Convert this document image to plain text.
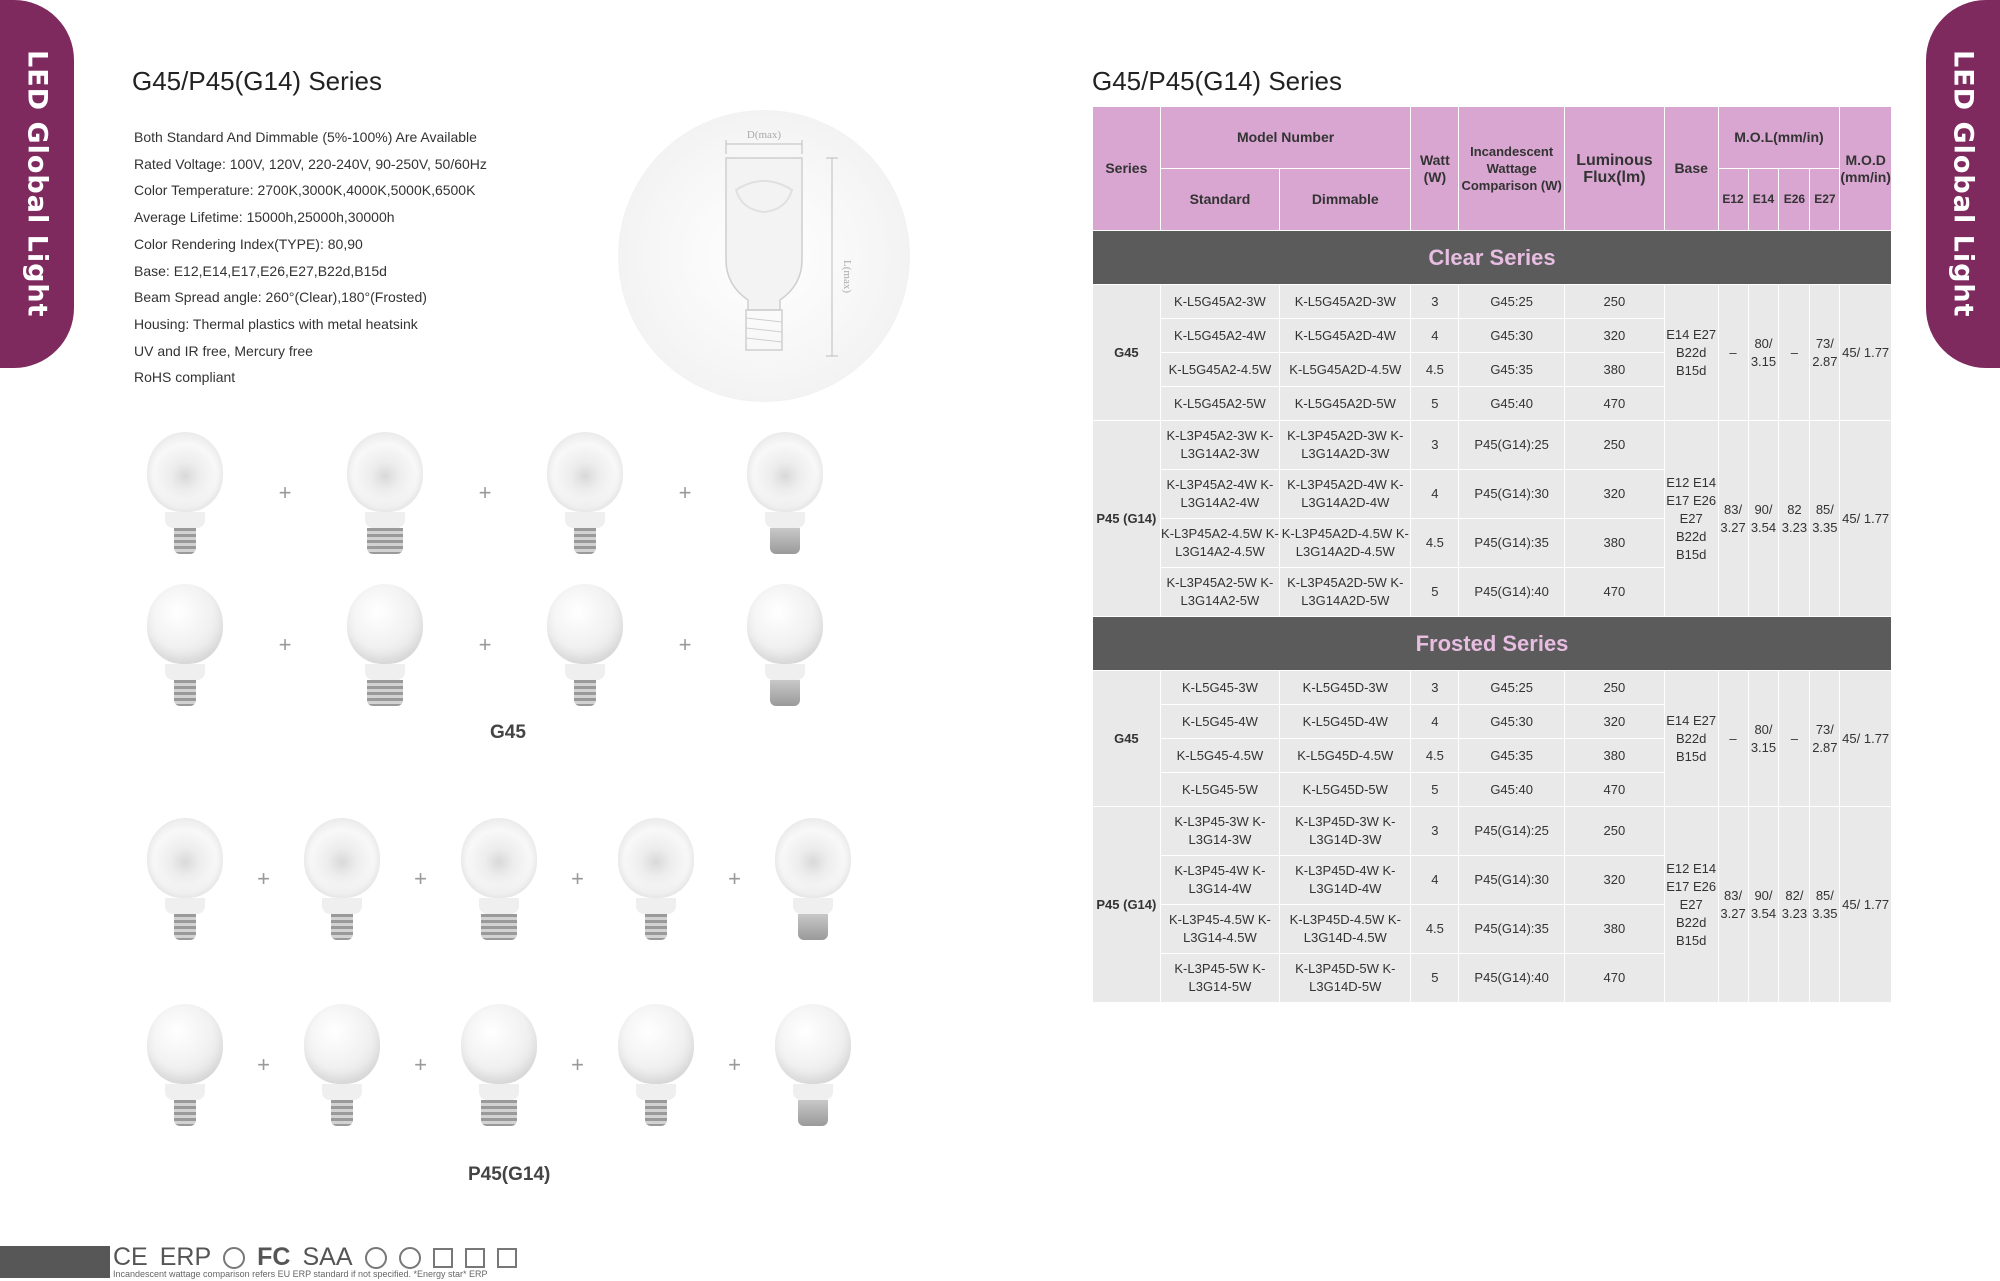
LED Global Light	LED Global Light
G45/P45(G14) Series
Both Standard And Dimmable (5%-100%) Are Available
Rated Voltage: 100V, 120V, 220-240V, 90-250V, 50/60Hz
Color Temperature: 2700K,3000K,4000K,5000K,6500K
Average Lifetime: 15000h,25000h,30000h
Color Rendering Index(TYPE): 80,90
Base: E12,E14,E17,E26,E27,B22d,B15d
Beam Spread angle: 260°(Clear),180°(Frosted)
Housing: Thermal plastics with metal heatsink
UV and IR free, Mercury free
RoHS compliant
D(max)
L(max)
+	+	+
+	+	+
G45
+	+	+	+
+	+	+	+
P45(G14)
G45/P45(G14) Series
Series	Model Number		Watt (W)	Incandescent Wattage Comparison (W)	Luminous Flux(lm)	Base	M.O.L(mm/in)				M.O.D (mm/in)
	Standard	Dimmable					E12	E14	E26	E27	
Clear Series											
G45	K-L5G45A2-3W	K-L5G45A2D-3W	3	G45:25	250	E14 E27 B22d B15d	–	80/ 3.15	–	73/ 2.87	45/ 1.77
	K-L5G45A2-4W	K-L5G45A2D-4W	4	G45:30	320						
	K-L5G45A2-4.5W	K-L5G45A2D-4.5W	4.5	G45:35	380						
	K-L5G45A2-5W	K-L5G45A2D-5W	5	G45:40	470						
P45 (G14)	K-L3P45A2-3W K-L3G14A2-3W	K-L3P45A2D-3W K-L3G14A2D-3W	3	P45(G14):25	250	E12 E14 E17 E26 E27 B22d B15d	83/ 3.27	90/ 3.54	82 3.23	85/ 3.35	45/ 1.77
	K-L3P45A2-4W K-L3G14A2-4W	K-L3P45A2D-4W K-L3G14A2D-4W	4	P45(G14):30	320						
	K-L3P45A2-4.5W K-L3G14A2-4.5W	K-L3P45A2D-4.5W K-L3G14A2D-4.5W	4.5	P45(G14):35	380						
	K-L3P45A2-5W K-L3G14A2-5W	K-L3P45A2D-5W K-L3G14A2D-5W	5	P45(G14):40	470						
Frosted Series											
G45	K-L5G45-3W	K-L5G45D-3W	3	G45:25	250	E14 E27 B22d B15d	–	80/ 3.15	–	73/ 2.87	45/ 1.77
	K-L5G45-4W	K-L5G45D-4W	4	G45:30	320						
	K-L5G45-4.5W	K-L5G45D-4.5W	4.5	G45:35	380						
	K-L5G45-5W	K-L5G45D-5W	5	G45:40	470						
P45 (G14)	K-L3P45-3W K-L3G14-3W	K-L3P45D-3W K-L3G14D-3W	3	P45(G14):25	250	E12 E14 E17 E26 E27 B22d B15d	83/ 3.27	90/ 3.54	82/ 3.23	85/ 3.35	45/ 1.77
	K-L3P45-4W K-L3G14-4W	K-L3P45D-4W K-L3G14D-4W	4	P45(G14):30	320						
	K-L3P45-4.5W K-L3G14-4.5W	K-L3P45D-4.5W K-L3G14D-4.5W	4.5	P45(G14):35	380						
	K-L3P45-5W K-L3G14-5W	K-L3P45D-5W K-L3G14D-5W	5	P45(G14):40	470						
CE ERP FC SAA
Incandescent wattage comparison refers EU ERP standard if not specified. *Energy star* ERP
